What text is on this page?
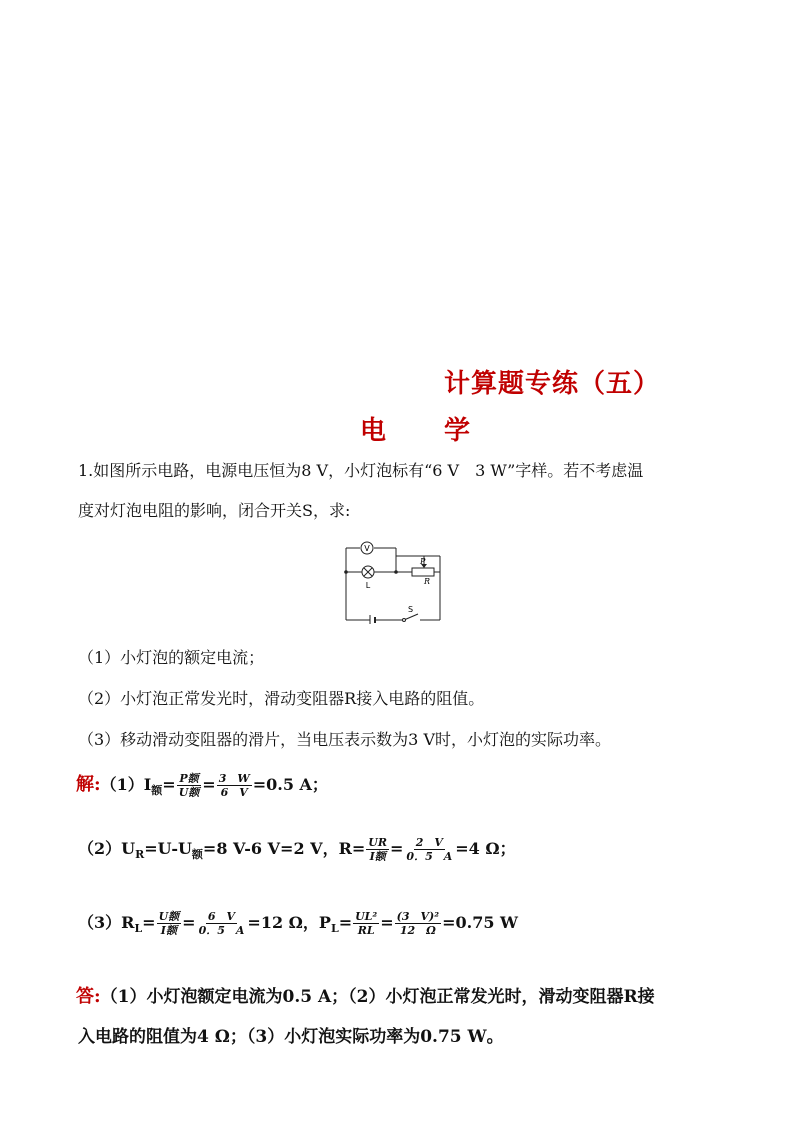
计算题专练（五）
电 学
1.如图所示电路，电源电压恒为8 V，小灯泡标有“6 V　3 W”字样。若不考虑温
度对灯泡电阻的影响，闭合开关S，求:
V
L
P
R
S
（1）小灯泡的额定电流；
（2）小灯泡正常发光时，滑动变阻器R接入电路的阻值。
（3）移动滑动变阻器的滑片，当电压表示数为3 V时，小灯泡的实际功率。
解$:(1)I_额= \frac{\text{P额}}{\text{U额}} = \frac{3 W}{6 V} =0.5$ A；
$(2)U_R=U-U_额=8$ V-6 V=2 V，$R= \frac{UR}{\text{I额}} = \frac{2 V}{0.5 A} =4$ Ω；
$(3)R_L= \frac{\text{U额}}{\text{I额}} = \frac{6 V}{0.5 A} =12$ Ω，$P_L= \frac{\text{UL²}}{RL} = \frac{\text{(3　V)²}}{12 \Omega} =0.75$ W
答:（1）小灯泡额定电流为0.5 A；（2）小灯泡正常发光时，滑动变阻器R接
入电路的阻值为4 Ω；（3）小灯泡实际功率为0.75 W。
